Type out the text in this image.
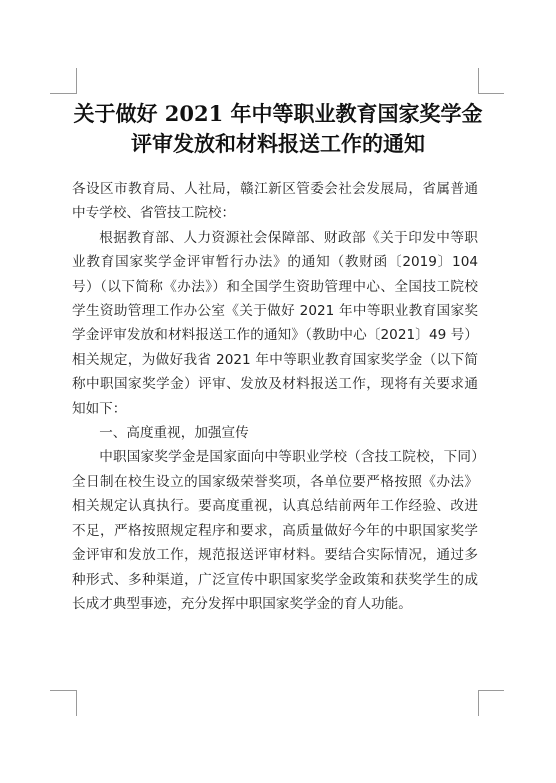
关于做好 2021 年中等职业教育国家奖学金
评审发放和材料报送工作的通知

各设区市教育局、人社局，赣江新区管委会社会发展局，省属普通中专学校、省管技工院校：

根据教育部、人力资源社会保障部、财政部《关于印发中等职业教育国家奖学金评审暂行办法》的通知（教财函〔2019〕104 号）（以下简称《办法》）和全国学生资助管理中心、全国技工院校学生资助管理工作办公室《关于做好 2021 年中等职业教育国家奖学金评审发放和材料报送工作的通知》（教助中心〔2021〕49 号）相关规定，为做好我省 2021 年中等职业教育国家奖学金（以下简称中职国家奖学金）评审、发放及材料报送工作，现将有关要求通知如下：

一、高度重视，加强宣传

中职国家奖学金是国家面向中等职业学校（含技工院校，下同）全日制在校生设立的国家级荣誉奖项，各单位要严格按照《办法》相关规定认真执行。要高度重视，认真总结前两年工作经验、改进不足，严格按照规定程序和要求，高质量做好今年的中职国家奖学金评审和发放工作，规范报送评审材料。要结合实际情况，通过多种形式、多种渠道，广泛宣传中职国家奖学金政策和获奖学生的成长成才典型事迹，充分发挥中职国家奖学金的育人功能。
